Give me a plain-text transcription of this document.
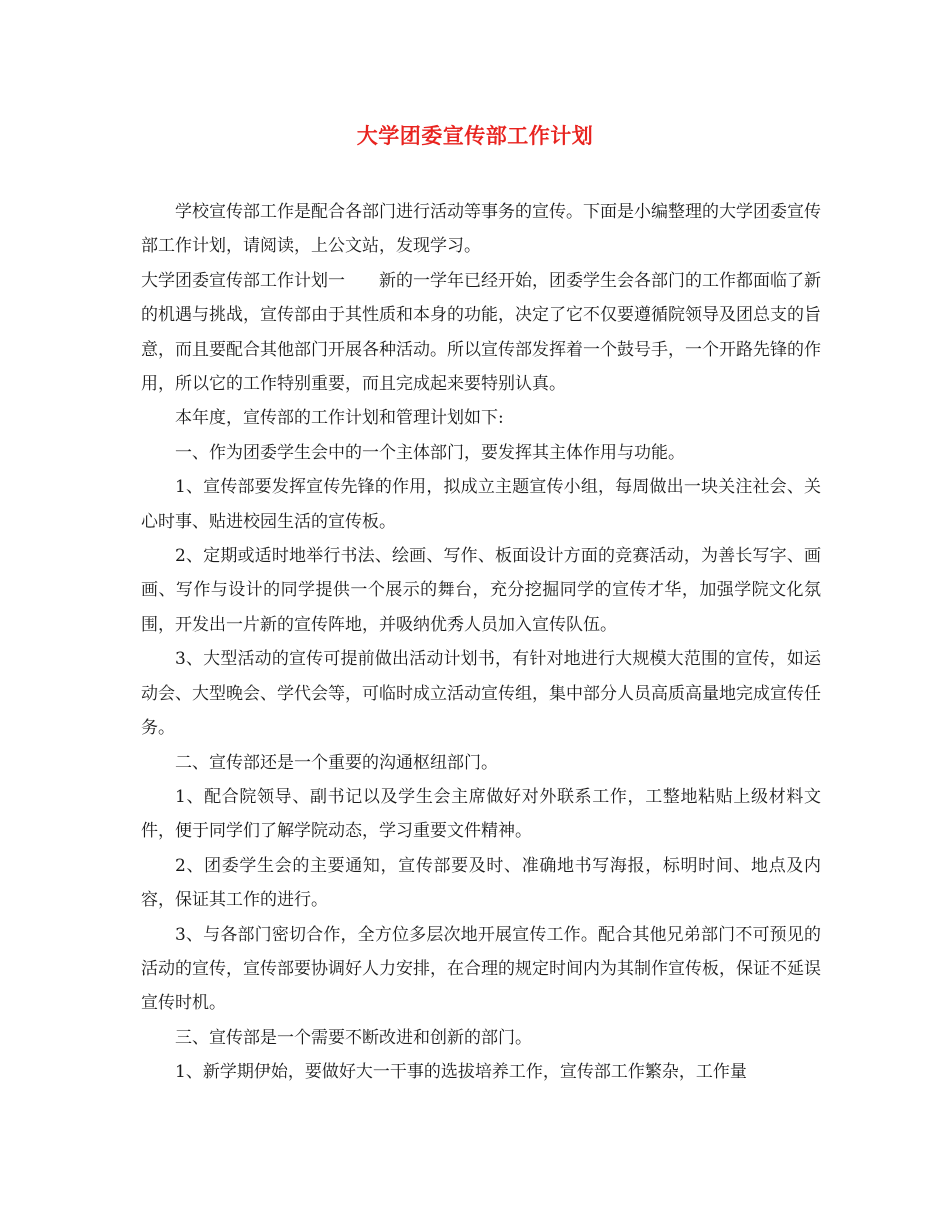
大学团委宣传部工作计划

学校宣传部工作是配合各部门进行活动等事务的宣传。下面是小编整理的大学团委宣传部工作计划，请阅读，上公文站，发现学习。

大学团委宣传部工作计划一 新的一学年已经开始，团委学生会各部门的工作都面临了新的机遇与挑战，宣传部由于其性质和本身的功能，决定了它不仅要遵循院领导及团总支的旨意，而且要配合其他部门开展各种活动。所以宣传部发挥着一个鼓号手，一个开路先锋的作用，所以它的工作特别重要，而且完成起来要特别认真。

本年度，宣传部的工作计划和管理计划如下:

一、作为团委学生会中的一个主体部门，要发挥其主体作用与功能。

1、宣传部要发挥宣传先锋的作用，拟成立主题宣传小组，每周做出一块关注社会、关心时事、贴进校园生活的宣传板。

2、定期或适时地举行书法、绘画、写作、板面设计方面的竞赛活动，为善长写字、画画、写作与设计的同学提供一个展示的舞台，充分挖掘同学的宣传才华，加强学院文化氛围，开发出一片新的宣传阵地，并吸纳优秀人员加入宣传队伍。

3、大型活动的宣传可提前做出活动计划书，有针对地进行大规模大范围的宣传，如运动会、大型晚会、学代会等，可临时成立活动宣传组，集中部分人员高质高量地完成宣传任务。

二、宣传部还是一个重要的沟通枢纽部门。

1、配合院领导、副书记以及学生会主席做好对外联系工作，工整地粘贴上级材料文件，便于同学们了解学院动态，学习重要文件精神。

2、团委学生会的主要通知，宣传部要及时、准确地书写海报，标明时间、地点及内容，保证其工作的进行。

3、与各部门密切合作，全方位多层次地开展宣传工作。配合其他兄弟部门不可预见的活动的宣传，宣传部要协调好人力安排，在合理的规定时间内为其制作宣传板，保证不延误宣传时机。

三、宣传部是一个需要不断改进和创新的部门。

1、新学期伊始，要做好大一干事的选拔培养工作，宣传部工作繁杂，工作量
